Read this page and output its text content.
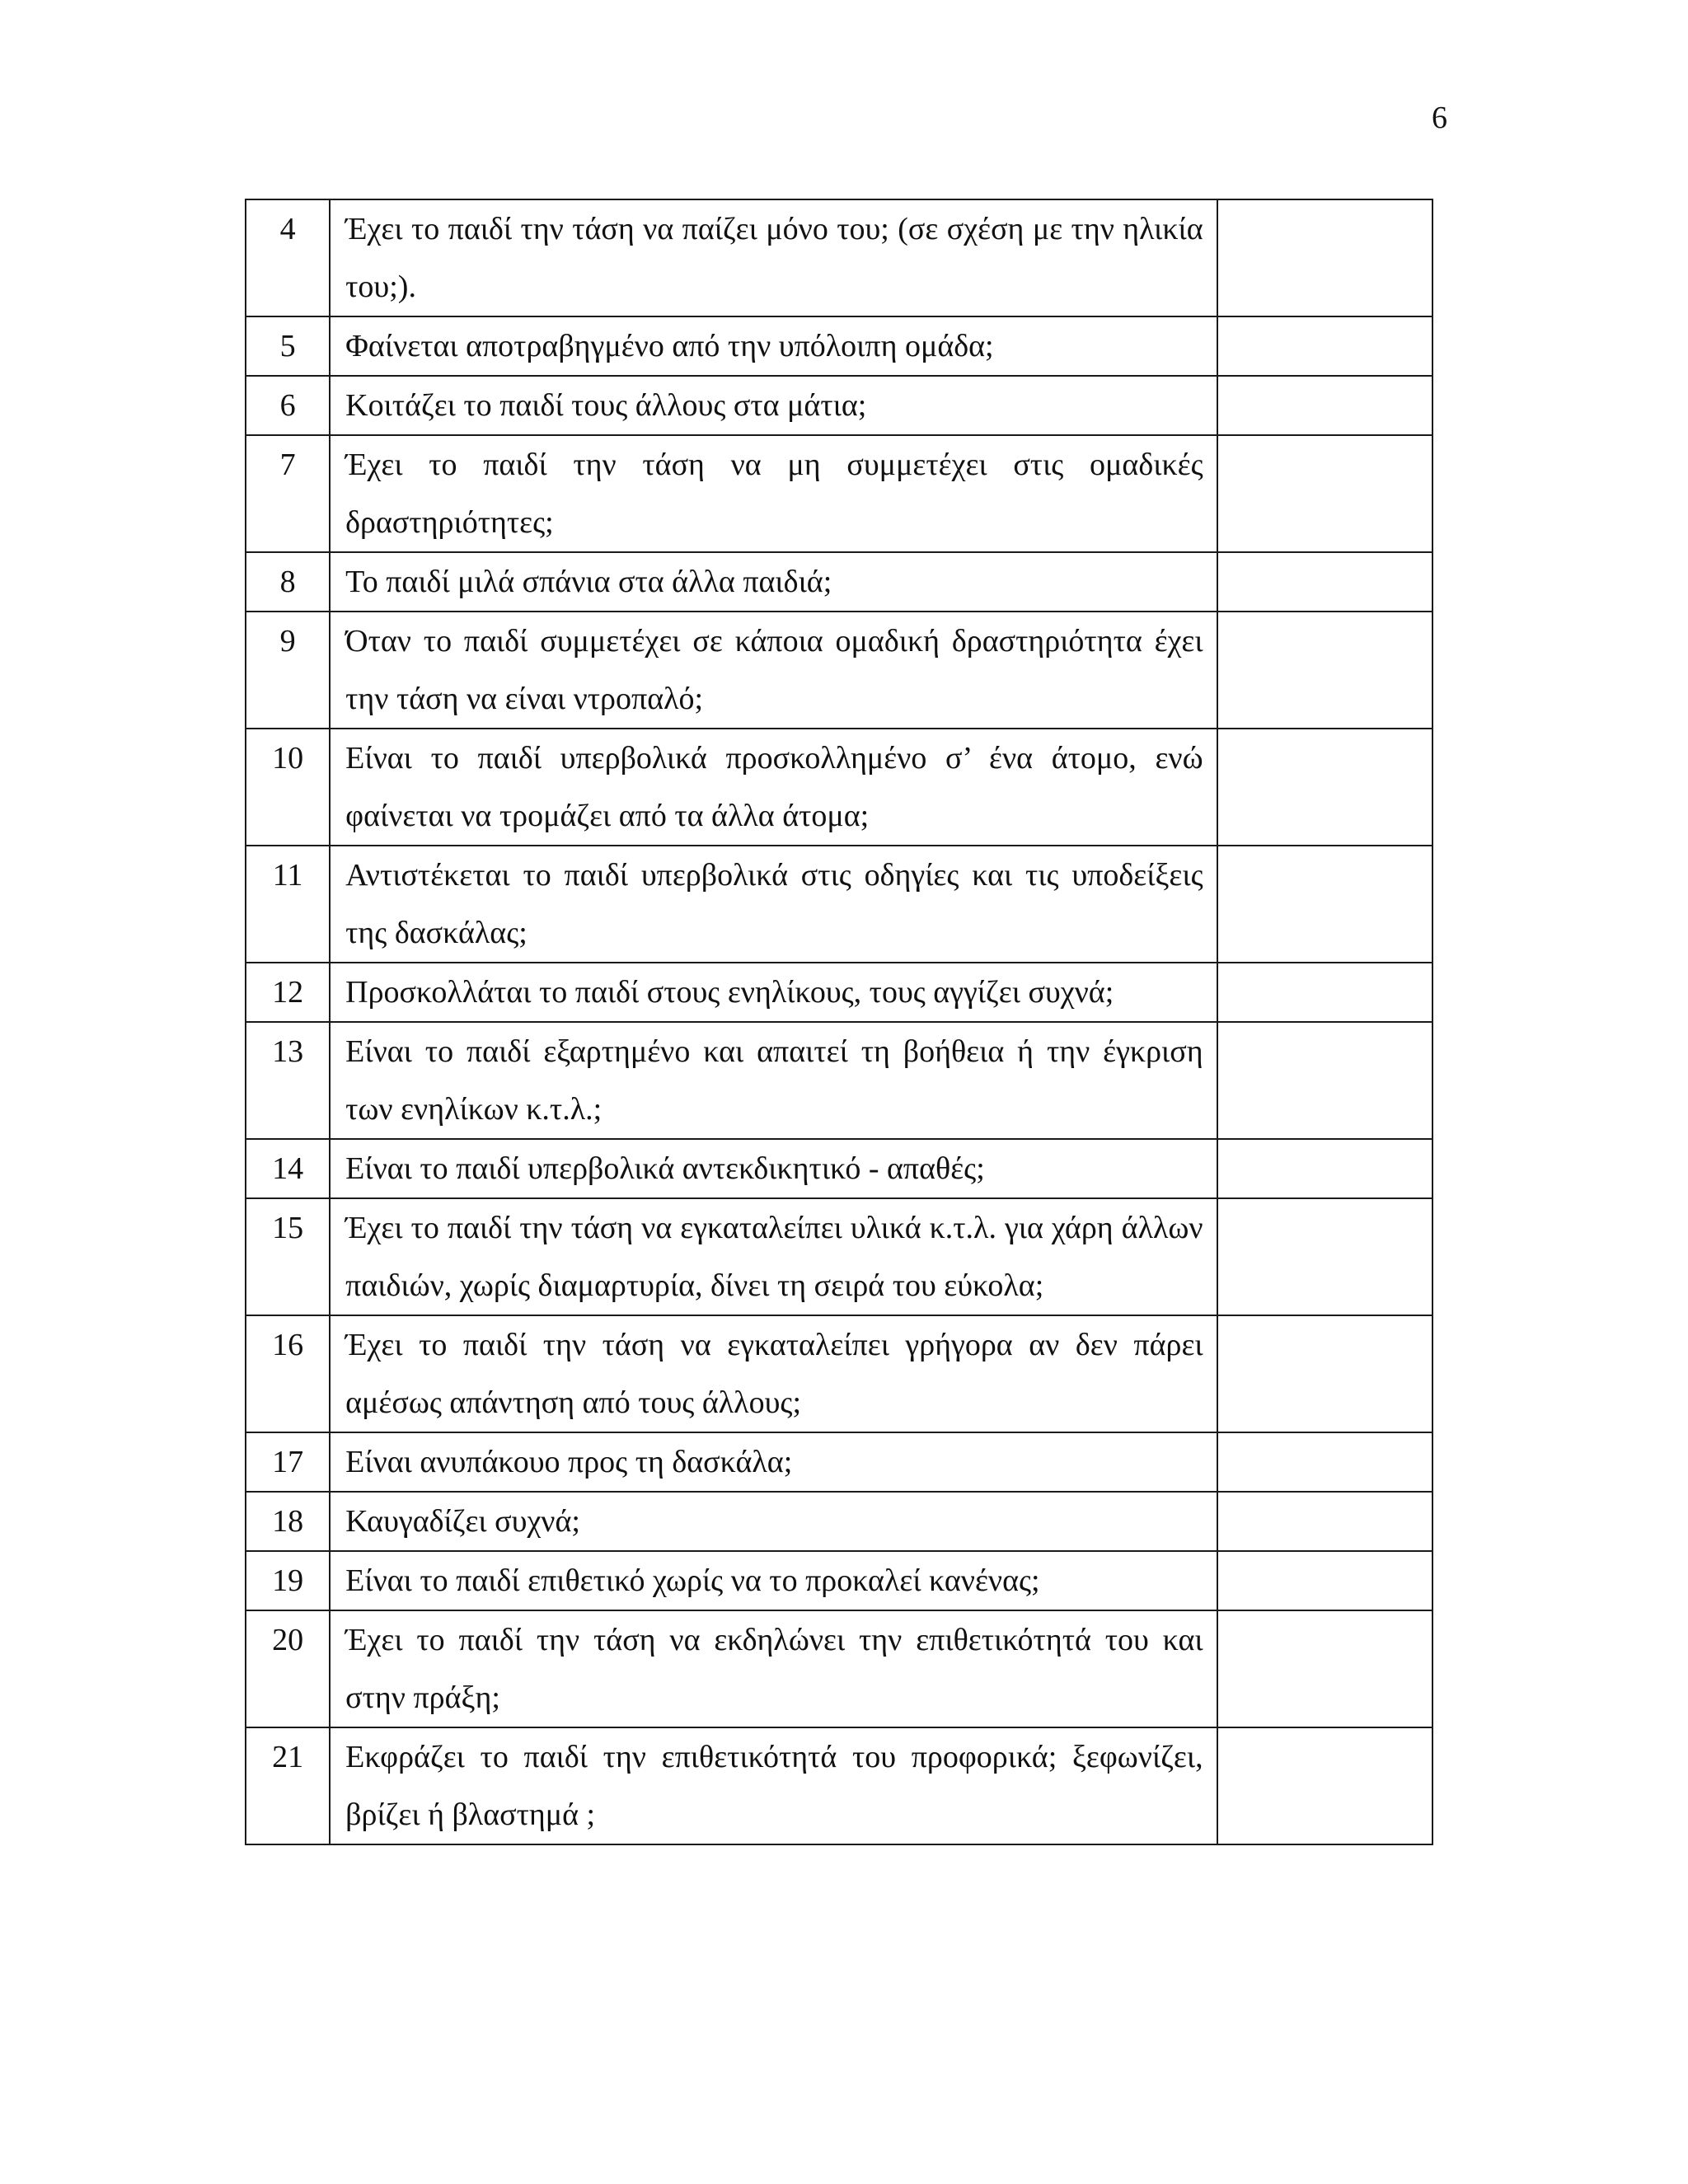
6
4	Έχει το παιδί την τάση να παίζει μόνο του; (σε σχέση με την ηλικία του;).	
5	Φαίνεται αποτραβηγμένο από την υπόλοιπη ομάδα;	
6	Κοιτάζει το παιδί τους άλλους στα μάτια;	
7	Έχει το παιδί την τάση να μη συμμετέχει στις ομαδικές δραστηριότητες;	
8	Το παιδί μιλά σπάνια στα άλλα παιδιά;	
9	Όταν το παιδί συμμετέχει σε κάποια ομαδική δραστηριότητα έχει την τάση να είναι ντροπαλό;	
10	Είναι το παιδί υπερβολικά προσκολλημένο σ’ ένα άτομο, ενώ φαίνεται να τρομάζει από τα άλλα άτομα;	
11	Αντιστέκεται το παιδί υπερβολικά στις οδηγίες και τις υποδείξεις της δασκάλας;	
12	Προσκολλάται το παιδί στους ενηλίκους, τους αγγίζει συχνά;	
13	Είναι το παιδί εξαρτημένο και απαιτεί τη βοήθεια ή την έγκριση των ενηλίκων κ.τ.λ.;	
14	Είναι το παιδί υπερβολικά αντεκδικητικό - απαθές;	
15	Έχει το παιδί την τάση να εγκαταλείπει υλικά κ.τ.λ. για χάρη άλλων παιδιών, χωρίς διαμαρτυρία, δίνει τη σειρά του εύκολα;	
16	Έχει το παιδί την τάση να εγκαταλείπει γρήγορα αν δεν πάρει αμέσως απάντηση από τους άλλους;	
17	Είναι ανυπάκουο προς τη δασκάλα;	
18	Καυγαδίζει συχνά;	
19	Είναι το παιδί επιθετικό χωρίς να το προκαλεί κανένας;	
20	Έχει το παιδί την τάση να εκδηλώνει την επιθετικότητά του και στην πράξη;	
21	Εκφράζει το παιδί την επιθετικότητά του προφορικά; ξεφωνίζει, βρίζει ή βλαστημά ;	
